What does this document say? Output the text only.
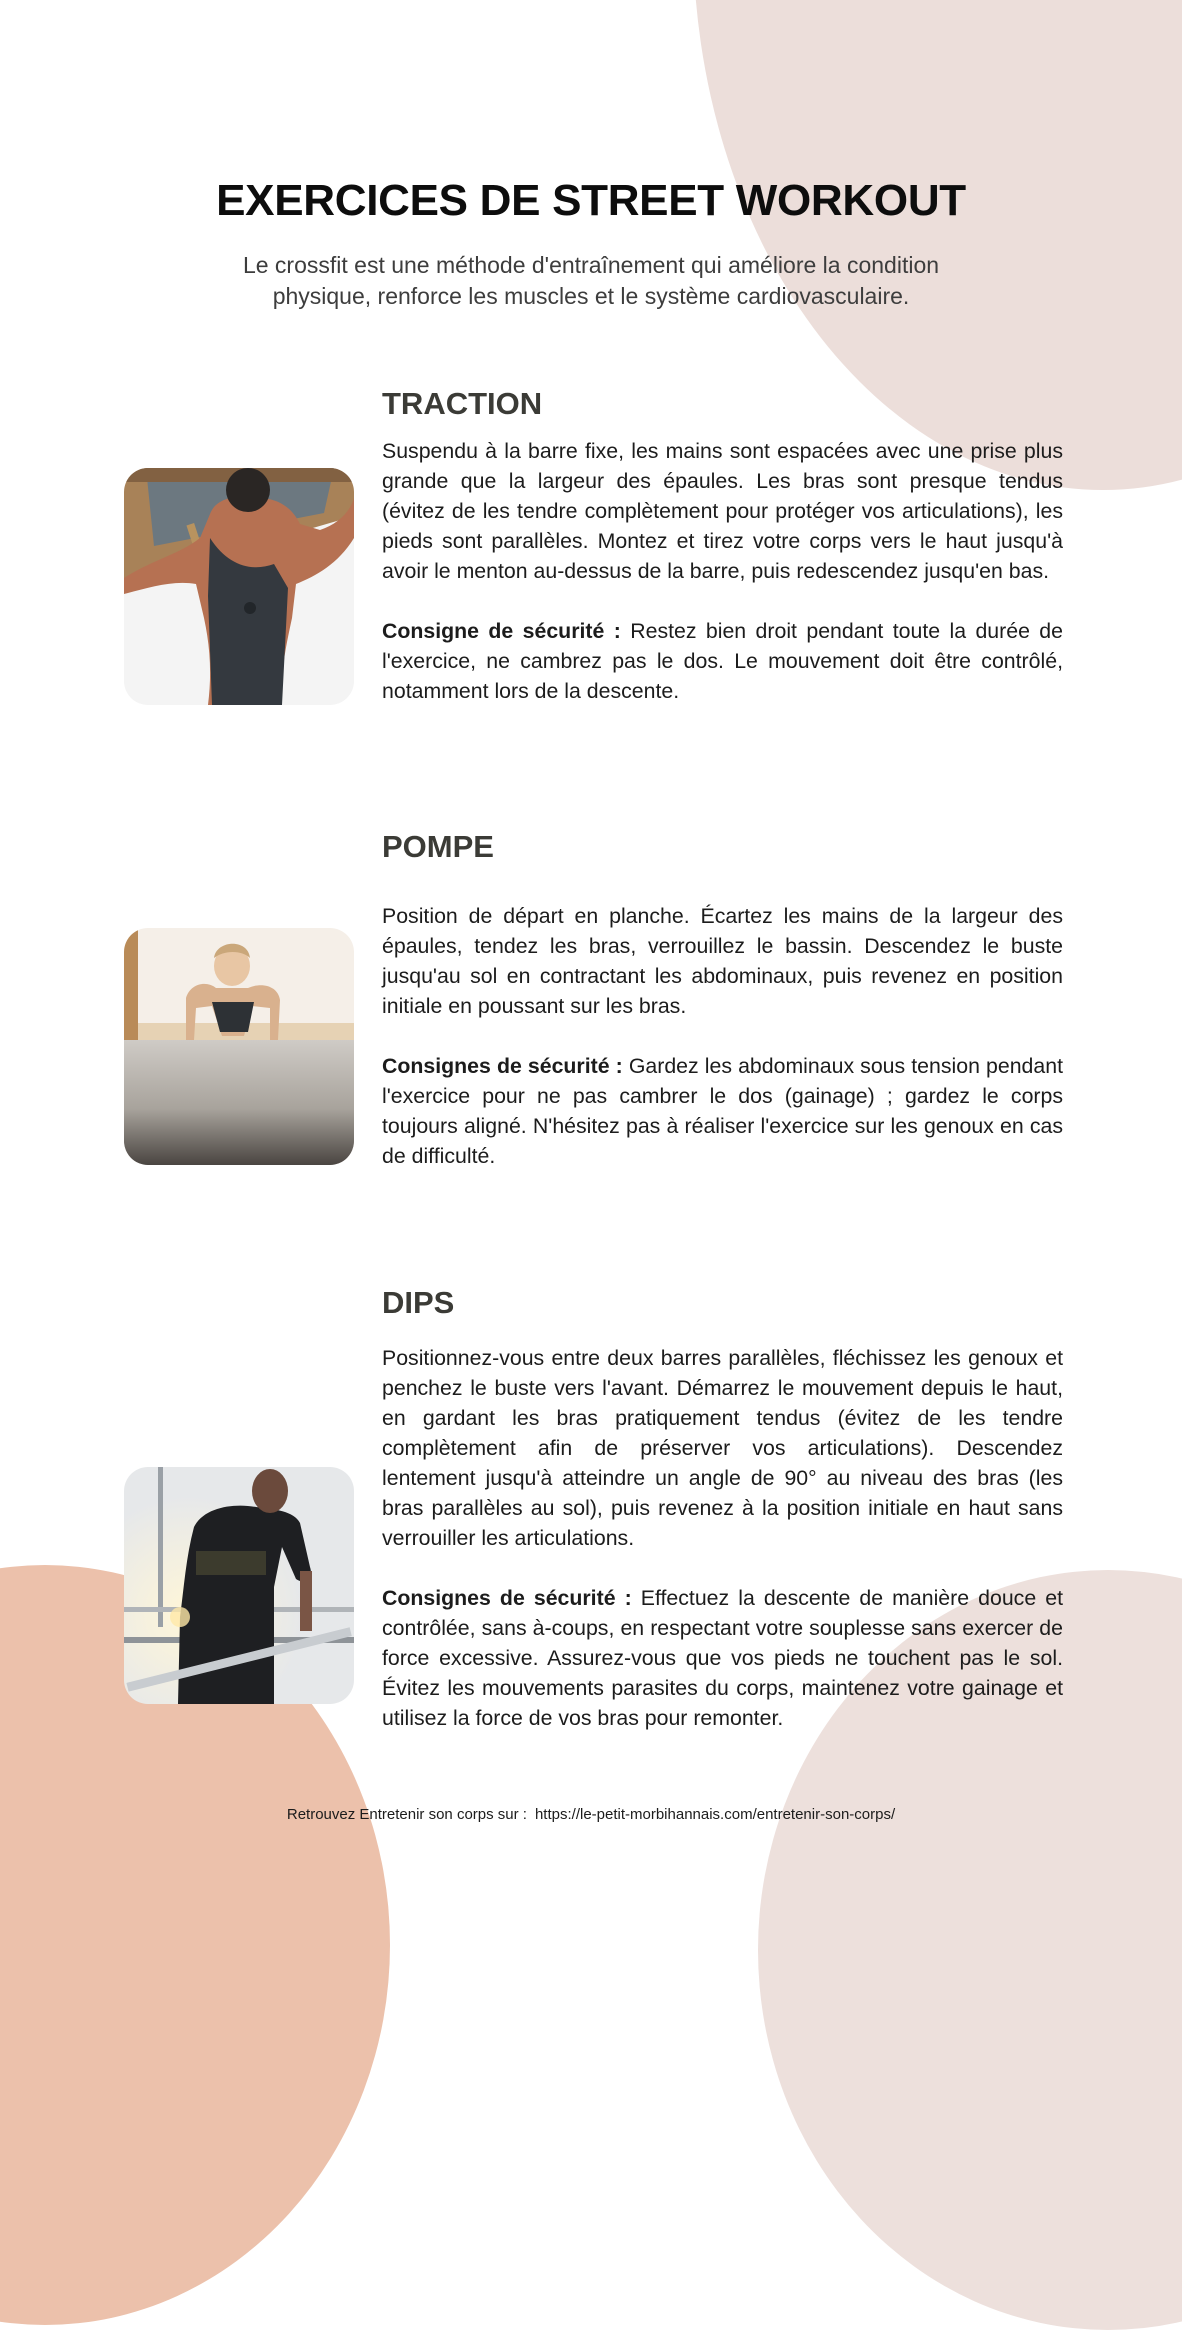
EXERCICES DE STREET WORKOUT

Le crossfit est une méthode d'entraînement qui améliore la condition physique, renforce les muscles et le système cardiovasculaire.

TRACTION

Suspendu à la barre fixe, les mains sont espacées avec une prise plus grande que la largeur des épaules. Les bras sont presque tendus (évitez de les tendre complètement pour protéger vos articulations), les pieds sont parallèles. Montez et tirez votre corps vers le haut jusqu'à avoir le menton au-dessus de la barre, puis redescendez jusqu'en bas.

Consigne de sécurité : Restez bien droit pendant toute la durée de l'exercice, ne cambrez pas le dos. Le mouvement doit être contrôlé, notamment lors de la descente.

POMPE

Position de départ en planche. Écartez les mains de la largeur des épaules, tendez les bras, verrouillez le bassin. Descendez le buste jusqu'au sol en contractant les abdominaux, puis revenez en position initiale en poussant sur les bras.

Consignes de sécurité : Gardez les abdominaux sous tension pendant l'exercice pour ne pas cambrer le dos (gainage) ; gardez le corps toujours aligné. N'hésitez pas à réaliser l'exercice sur les genoux en cas de difficulté.

DIPS

Positionnez-vous entre deux barres parallèles, fléchissez les genoux et penchez le buste vers l'avant. Démarrez le mouvement depuis le haut, en gardant les bras pratiquement tendus (évitez de les tendre complètement afin de préserver vos articulations). Descendez lentement jusqu'à atteindre un angle de 90° au niveau des bras (les bras parallèles au sol), puis revenez à la position initiale en haut sans verrouiller les articulations.

Consignes de sécurité : Effectuez la descente de manière douce et contrôlée, sans à-coups, en respectant votre souplesse sans exercer de force excessive. Assurez-vous que vos pieds ne touchent pas le sol. Évitez les mouvements parasites du corps, maintenez votre gainage et utilisez la force de vos bras pour remonter.

Retrouvez Entretenir son corps sur : https://le-petit-morbihannais.com/entretenir-son-corps/
